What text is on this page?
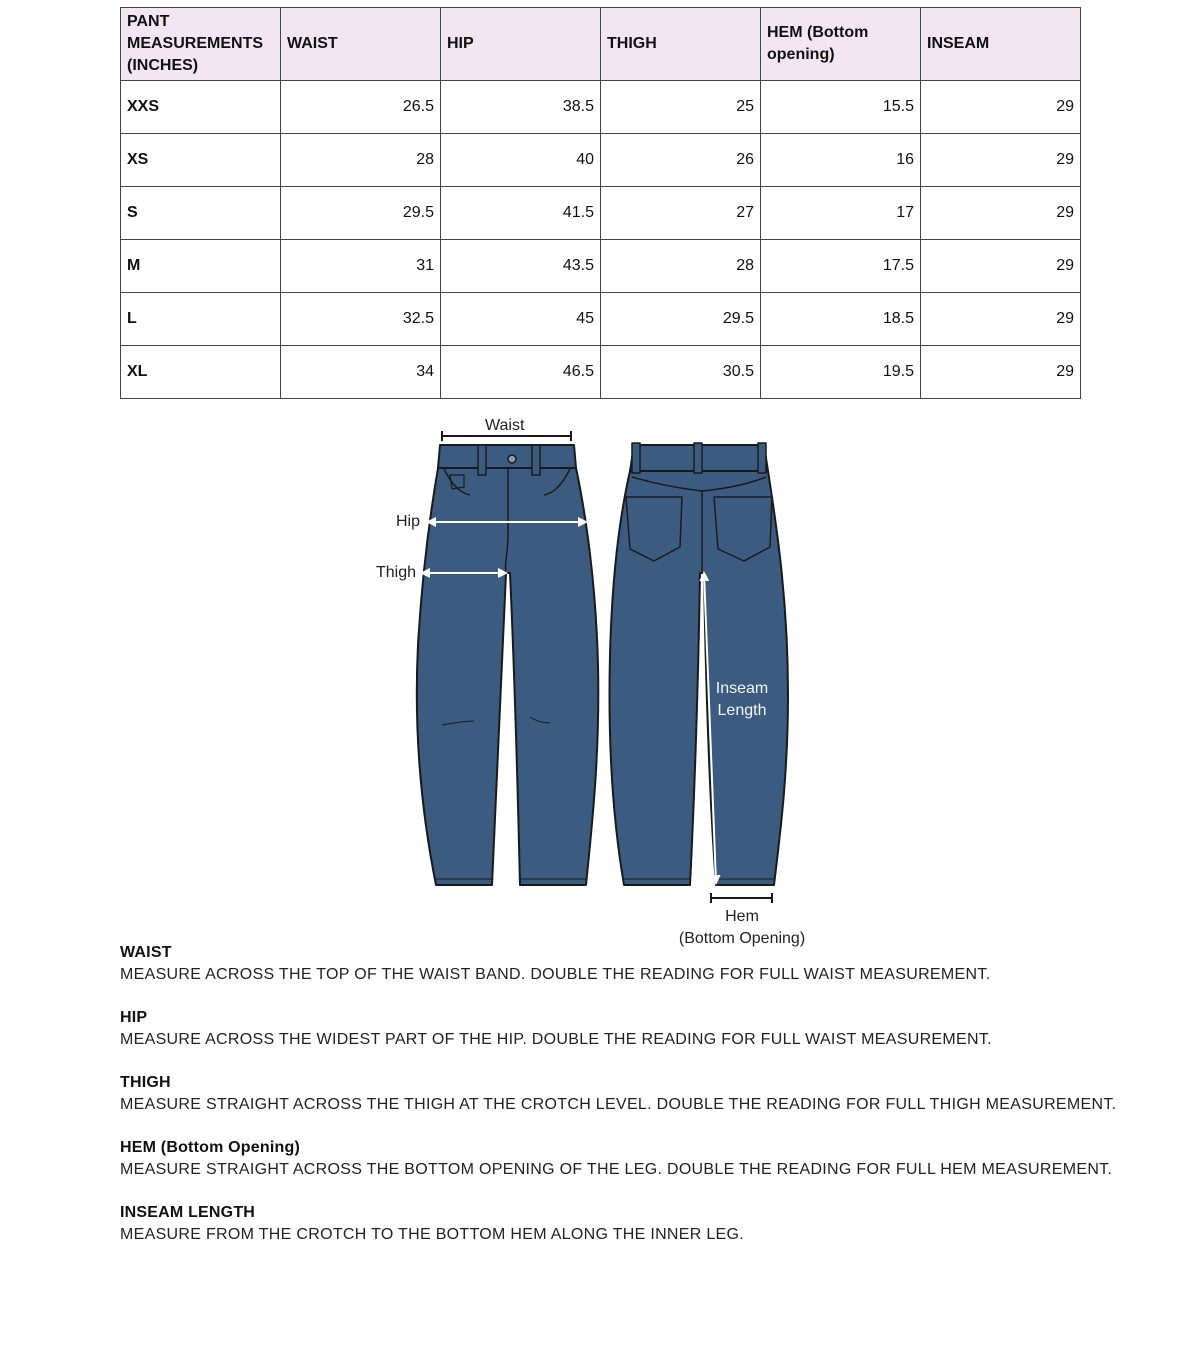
PANT MEASUREMENTS (INCHES)	WAIST	HIP	THIGH	HEM (Bottom opening)	INSEAM
XXS	26.5	38.5	25	15.5	29
XS	28	40	26	16	29
S	29.5	41.5	27	17	29
M	31	43.5	28	17.5	29
L	32.5	45	29.5	18.5	29
XL	34	46.5	30.5	19.5	29
Waist
Hip
Thigh
Inseam
Length
Hem
(Bottom Opening)
WAIST
MEASURE ACROSS THE TOP OF THE WAIST BAND. DOUBLE THE READING FOR FULL WAIST MEASUREMENT.
HIP
MEASURE ACROSS THE WIDEST PART OF THE HIP. DOUBLE THE READING FOR FULL WAIST MEASUREMENT.
THIGH
MEASURE STRAIGHT ACROSS THE THIGH AT THE CROTCH LEVEL. DOUBLE THE READING FOR FULL THIGH MEASUREMENT.
HEM (Bottom Opening)
MEASURE STRAIGHT ACROSS THE BOTTOM OPENING OF THE LEG. DOUBLE THE READING FOR FULL HEM MEASUREMENT.
INSEAM LENGTH
MEASURE FROM THE CROTCH TO THE BOTTOM HEM ALONG THE INNER LEG.
